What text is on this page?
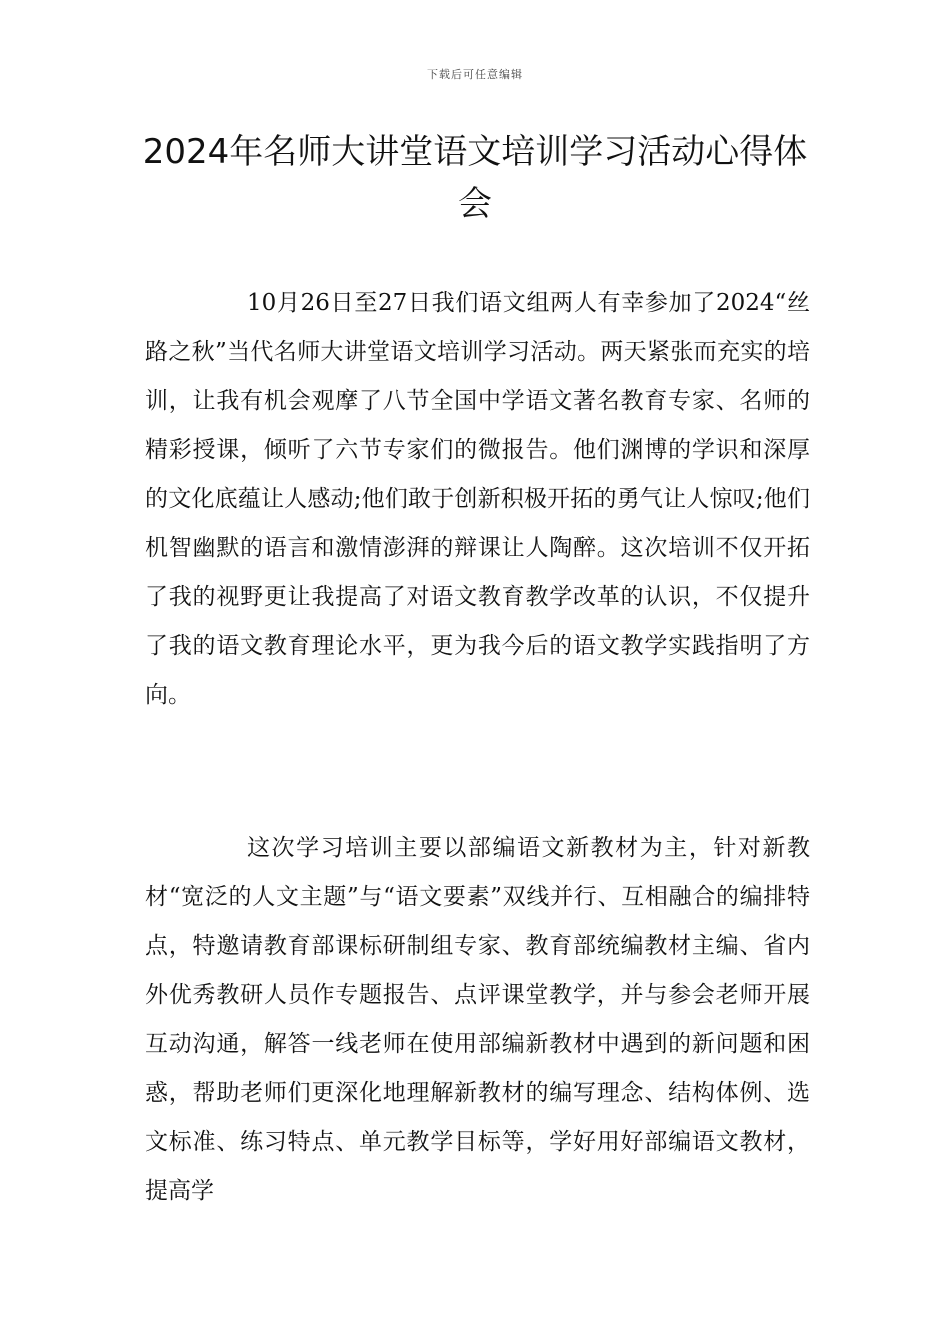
下载后可任意编辑
2024年名师大讲堂语文培训学习活动心得体会

10月26日至27日我们语文组两人有幸参加了2024“丝路之秋”当代名师大讲堂语文培训学习活动。两天紧张而充实的培训，让我有机会观摩了八节全国中学语文著名教育专家、名师的精彩授课，倾听了六节专家们的微报告。他们渊博的学识和深厚的文化底蕴让人感动;他们敢于创新积极开拓的勇气让人惊叹;他们机智幽默的语言和激情澎湃的辩课让人陶醉。这次培训不仅开拓了我的视野更让我提高了对语文教育教学改革的认识，不仅提升了我的语文教育理论水平，更为我今后的语文教学实践指明了方向。

这次学习培训主要以部编语文新教材为主，针对新教材“宽泛的人文主题”与“语文要素”双线并行、互相融合的编排特点，特邀请教育部课标研制组专家、教育部统编教材主编、省内外优秀教研人员作专题报告、点评课堂教学，并与参会老师开展互动沟通，解答一线老师在使用部编新教材中遇到的新问题和困惑，帮助老师们更深化地理解新教材的编写理念、结构体例、选文标准、练习特点、单元教学目标等，学好用好部编语文教材，提高学
